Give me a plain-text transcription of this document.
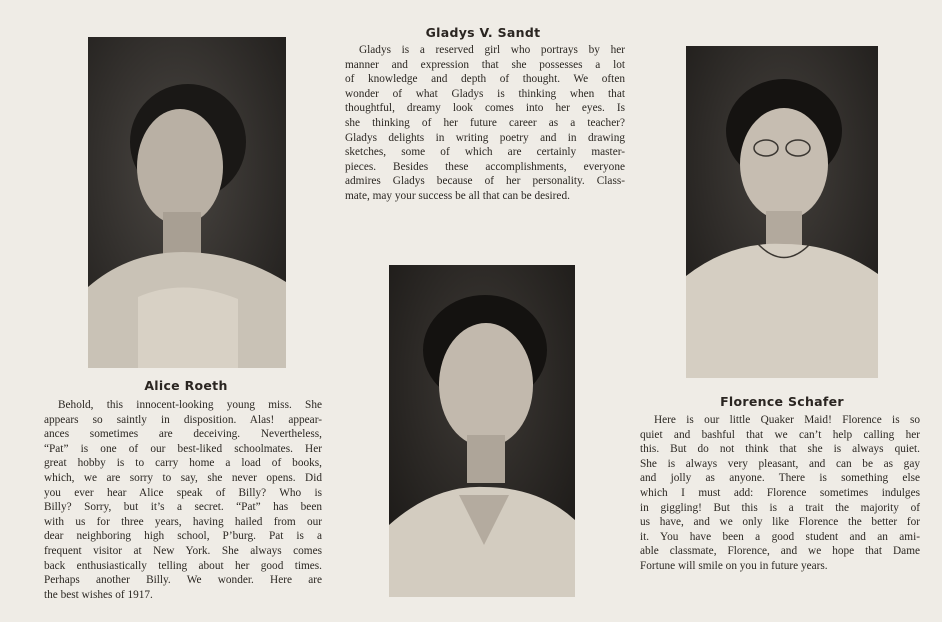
Alice Roeth
Behold, this innocent-looking young miss. She
appears so saintly in disposition. Alas! appear-
ances sometimes are deceiving. Nevertheless,
“Pat” is one of our best-liked schoolmates. Her
great hobby is to carry home a load of books,
which, we are sorry to say, she never opens. Did
you ever hear Alice speak of Billy? Who is
Billy? Sorry, but it’s a secret. “Pat” has been
with us for three years, having hailed from our
dear neighboring high school, P’burg. Pat is a
frequent visitor at New York. She always comes
back enthusiastically telling about her good times.
Perhaps another Billy. We wonder. Here are
the best wishes of 1917.
Gladys V. Sandt
Gladys is a reserved girl who portrays by her
manner and expression that she possesses a lot
of knowledge and depth of thought. We often
wonder of what Gladys is thinking when that
thoughtful, dreamy look comes into her eyes. Is
she thinking of her future career as a teacher?
Gladys delights in writing poetry and in drawing
sketches, some of which are certainly master-
pieces. Besides these accomplishments, everyone
admires Gladys because of her personality. Class-
mate, may your success be all that can be desired.
Florence Schafer
Here is our little Quaker Maid! Florence is so
quiet and bashful that we can’t help calling her
this. But do not think that she is always quiet.
She is always very pleasant, and can be as gay
and jolly as anyone. There is something else
which I must add: Florence sometimes indulges
in giggling! But this is a trait the majority of
us have, and we only like Florence the better for
it. You have been a good student and an ami-
able classmate, Florence, and we hope that Dame
Fortune will smile on you in future years.
